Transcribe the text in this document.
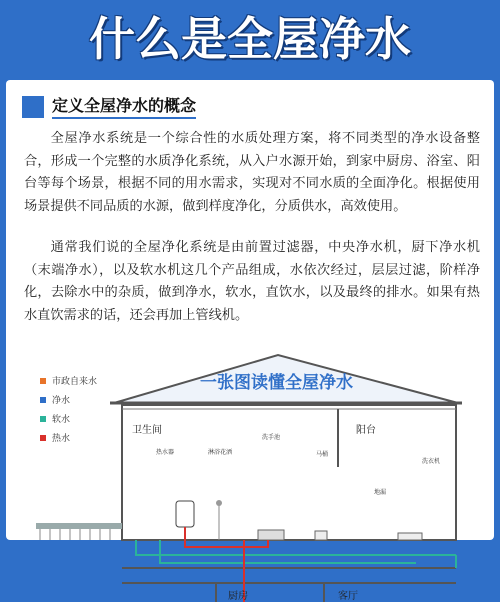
什么是全屋净水
定义全屋净水的概念
全屋净水系统是一个综合性的水质处理方案，将不同类型的净水设备整合，形成一个完整的水质净化系统，从入户水源开始，到家中厨房、浴室、阳台等每个场景，根据不同的用水需求，实现对不同水质的全面净化。根据使用场景提供不同品质的水源，做到样度净化，分质供水，高效使用。
通常我们说的全屋净化系统是由前置过滤器，中央净水机，厨下净水机（末端净水），以及软水机这几个产品组成，水依次经过，层层过滤，阶样净化，去除水中的杂质，做到净水，软水，直饮水，以及最终的排水。如果有热水直饮需求的话，还会再加上管线机。
市政自来水
净水
软水
热水
一张图读懂全屋净水
卫生间	阳台
厨房	客厅
热水器	淋浴花洒
洗手池
马桶
洗衣机
地漏
